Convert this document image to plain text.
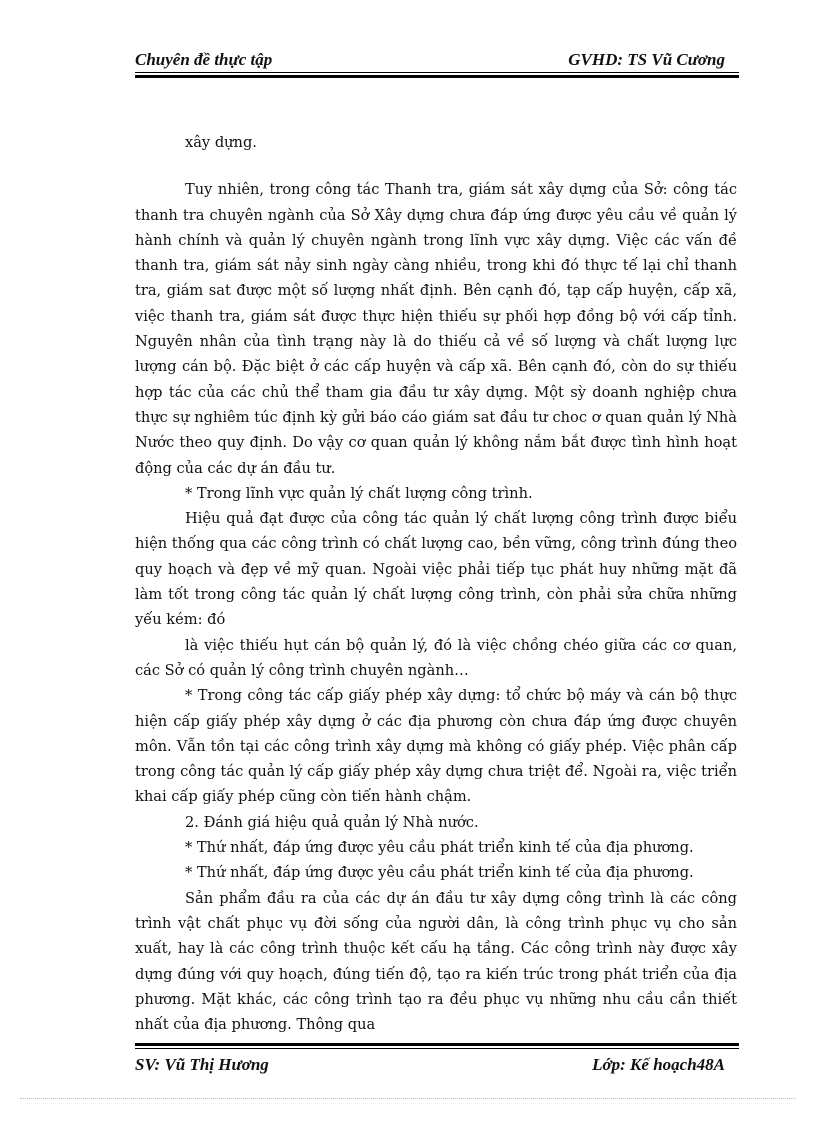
Chuyên đề thực tập	GVHD: TS Vũ Cương

xây dựng.

Tuy nhiên, trong công tác Thanh tra, giám sát xây dựng của Sở: công tác thanh tra chuyên ngành của Sở Xây dựng chưa đáp ứng được yêu cầu về quản lý hành chính và quản lý chuyên ngành trong lĩnh vực xây dựng. Việc các vấn đề thanh tra, giám sát nảy sinh ngày càng nhiều, trong khi đó thực tế lại chỉ thanh tra, giám sat được một số lượng nhất định. Bên cạnh đó, tạp cấp huyện, cấp xã, việc thanh tra, giám sát được thực hiện thiếu sự phối hợp đồng bộ với cấp tỉnh. Nguyên nhân của tình trạng này là do thiếu cả về số lượng và chất lượng lực lượng cán bộ. Đặc biệt ở các cấp huyện và cấp xã. Bên cạnh đó, còn do sự thiếu hợp tác của các chủ thể tham gia đầu tư xây dựng. Một sỳ doanh nghiệp chưa thực sự nghiêm túc định kỳ gửi báo cáo giám sat đầu tư choc ơ quan quản lý Nhà Nước theo quy định. Do vậy cơ quan quản lý không nắm bắt được tình hình hoạt động của các dự án đầu tư.

* Trong lĩnh vực quản lý chất lượng công trình.

Hiệu quả đạt được của công tác quản lý chất lượng công trình được biểu hiện thống qua các công trình có chất lượng cao, bền vững, công trình đúng theo quy hoạch và đẹp về mỹ quan. Ngoài việc phải tiếp tục phát huy những mặt đã làm tốt trong công tác quản lý chất lượng công trình, còn phải sửa chữa những yếu kém: đó

là việc thiếu hụt cán bộ quản lý, đó là việc chồng chéo giữa các cơ quan, các Sở có quản lý công trình chuyên ngành…

* Trong công tác cấp giấy phép xây dựng: tổ chức bộ máy và cán bộ thực hiện cấp giấy phép xây dựng ở các địa phương còn chưa đáp ứng được chuyên môn. Vẫn tồn tại các công trình xây dựng mà không có giấy phép. Việc phân cấp trong công tác quản lý cấp giấy phép xây dựng chưa triệt để. Ngoài ra, việc triển khai cấp giấy phép cũng còn tiến hành chậm.

2. Đánh giá hiệu quả quản lý Nhà nước.

* Thứ nhất, đáp ứng được yêu cầu phát triển kinh tế của địa phương.

* Thứ nhất, đáp ứng được yêu cầu phát triển kinh tế của địa phương.

Sản phẩm đầu ra của các dự án đầu tư xây dựng công trình là các công trình vật chất phục vụ đời sống của người dân, là công trình phục vụ cho sản xuất, hay là các công trình thuộc kết cấu hạ tầng. Các công trình này được xây dựng đúng với quy hoạch, đúng tiến độ, tạo ra kiến trúc trong phát triển của địa phương. Mặt khác, các công trình tạo ra đều phục vụ những nhu cầu cần thiết nhất của địa phương. Thông qua

SV: Vũ Thị Hương	Lớp: Kế hoạch48A
